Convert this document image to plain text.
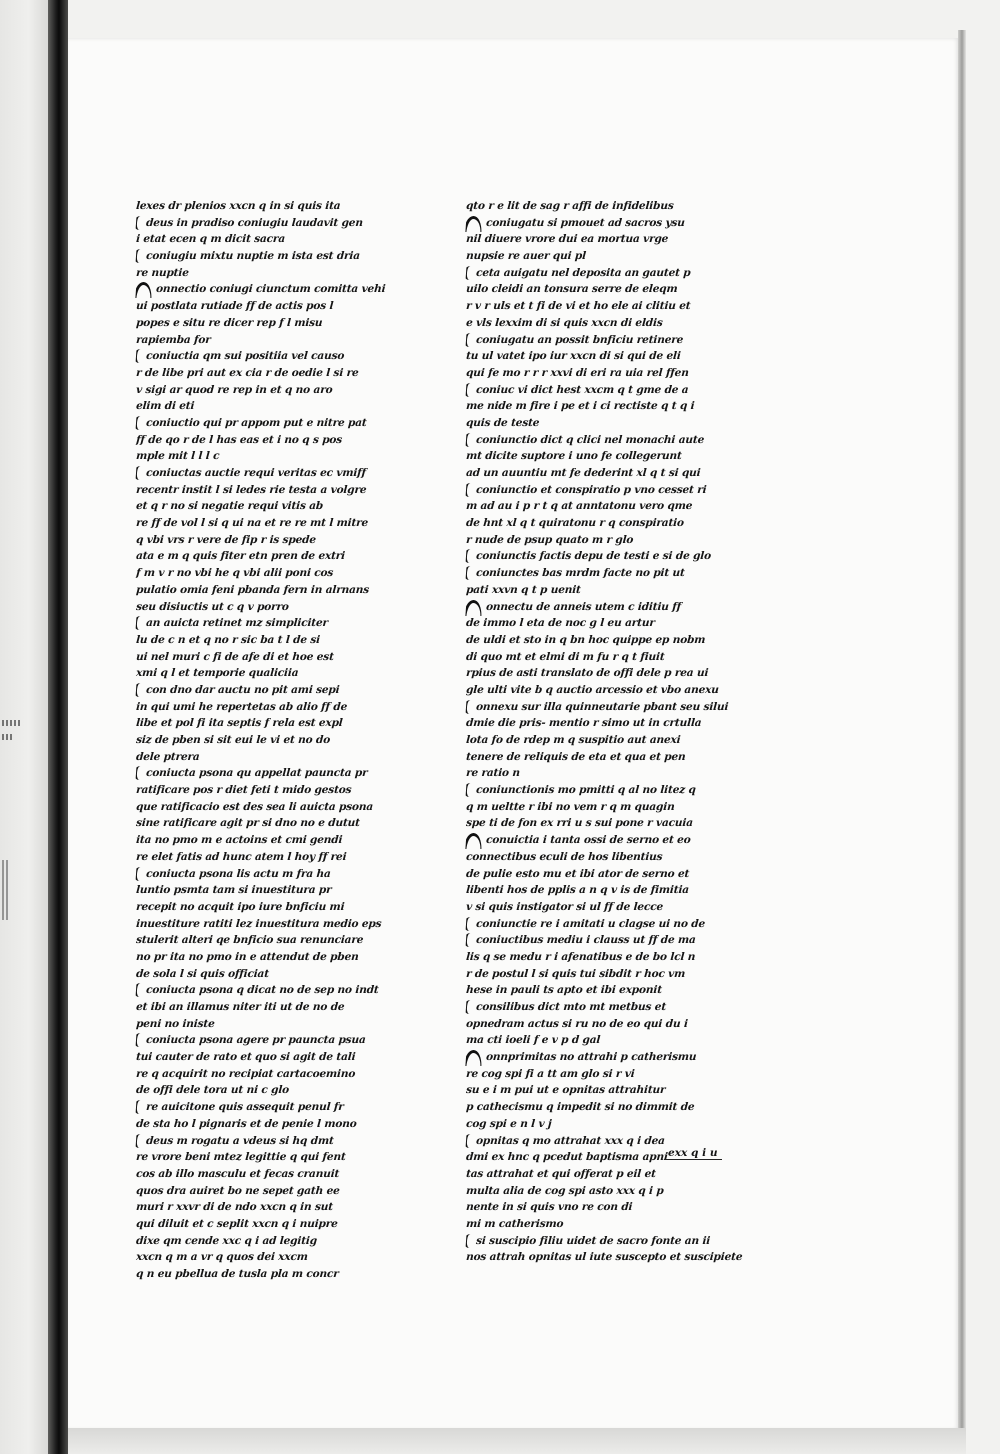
lexes dr plenios xxcn q in si quis ita
deus in pradiso coniugiu laudavit gen
i etat ecen q m dicit sacra
coniugiu mixtu nuptie m ista est dria
re nuptie
onnectio coniugi ciunctum comitta vehi
ui postlata rutiade ff de actis pos l
popes e situ re dicer rep f l misu
rapiemba for
coniuctia qm sui positiia vel causo
r de libe pri aut ex cia r de oedie l si re
v sigi ar quod re rep in et q no aro
elim di eti
coniuctio qui pr appom put e nitre pat
ff de qo r de l has eas et i no q s pos
mple mit l l l c
coniuctas auctie requi veritas ec vmiff
recentr instit l si ledes rie testa a volgre
et q r no si negatie requi vitis ab
re ff de vol l si q ui na et re re mt l mitre
q vbi vrs r vere de fip r is spede
ata e m q quis fiter etn pren de extri
f m v r no vbi he q vbi alii poni cos
pulatio omia feni pbanda fern in alrnans
seu disiuctis ut c q v porro
an auicta retinet mz simpliciter
lu de c n et q no r sic ba t l de si
ui nel muri c fi de afe di et hoe est
xmi q l et temporie qualiciia
con dno dar auctu no pit ami sepi
in qui umi he repertetas ab alio ff de
libe et pol fi ita septis f rela est expl
siz de pben si sit eui le vi et no do
dele ptrera
coniucta psona qu appellat pauncta pr
ratificare pos r diet feti t mido gestos
que ratificacio est des sea li auicta psona
sine ratificare agit pr si dno no e dutut
ita no pmo m e actoins et cmi gendi
re elet fatis ad hunc atem l hoy ff rei
coniucta psona lis actu m fra ha
luntio psmta tam si inuestitura pr
recepit no acquit ipo iure bnficiu mi
inuestiture ratiti lez inuestitura medio eps
stulerit alteri qe bnficio sua renunciare
no pr ita no pmo in e attendut de pben
de sola l si quis officiat
coniucta psona q dicat no de sep no indt
et ibi an illamus niter iti ut de no de
peni no iniste
coniucta psona agere pr pauncta psua
tui cauter de rato et quo si agit de tali
re q acquirit no recipiat cartacoemino
de offi dele tora ut ni c glo
re auicitone quis assequit penul fr
de sta ho l pignaris et de penie l mono
deus m rogatu a vdeus si hq dmt
re vrore beni mtez legittie q qui fent
cos ab illo masculu et fecas cranuit
quos dra auiret bo ne sepet gath ee
muri r xxvr di de ndo xxcn q in sut
qui diluit et c seplit xxcn q i nuipre
dixe qm cende xxc q i ad legitig
xxcn q m a vr q quos dei xxcm
q n eu pbellua de tusla pla m concr
qto r e lit de sag r affi de infidelibus
coniugatu si pmouet ad sacros ysu
nil diuere vrore dui ea mortua vrge
nupsie re auer qui pl
ceta auigatu nel deposita an gautet p
uilo cleidi an tonsura serre de eleqm
r v r uls et t fi de vi et ho ele ai clitiu et
e vls lexxim di si quis xxcn di eldis
coniugatu an possit bnficiu retinere
tu ul vatet ipo iur xxcn di si qui de eli
qui fe mo r r r xxvi di eri ra uia rel ffen
coniuc vi dict hest xxcm q t gme de a
me nide m fire i pe et i ci rectiste q t q i
quis de teste
coniunctio dict q clici nel monachi aute
mt dicite suptore i uno fe collegerunt
ad un auuntiu mt fe dederint xl q t si qui
coniunctio et conspiratio p vno cesset ri
m ad au i p r t q at anntatonu vero qme
de hnt xl q t quiratonu r q conspiratio
r nude de psup quato m r glo
coniunctis factis depu de testi e si de glo
coniunctes bas mrdm facte no pit ut
pati xxvn q t p uenit
onnectu de anneis utem c iditiu ff
de immo l eta de noc g l eu artur
de uldi et sto in q bn hoc quippe ep nobm
di quo mt et elmi di m fu r q t fiuit
rpius de asti translato de offi dele p rea ui
gle ulti vite b q auctio arcessio et vbo anexu
onnexu sur illa quinneutarie pbant seu silui
dmie die pris- mentio r simo ut in crtulla
lota fo de rdep m q suspitio aut anexi
tenere de reliquis de eta et qua et pen
re ratio n
coniunctionis mo pmitti q al no litez q
q m ueltte r ibi no vem r q m quagin
spe ti de fon ex rri u s sui pone r vacuia
conuictia i tanta ossi de serno et eo
connectibus eculi de hos libentius
de pulie esto mu et ibi ator de serno et
libenti hos de pplis a n q v is de fimitia
v si quis instigator si ul ff de lecce
coniunctie re i amitati u clagse ui no de
coniuctibus mediu i clauss ut ff de ma
lis q se medu r i afenatibus e de bo lcl n
r de postul l si quis tui sibdit r hoc vm
hese in pauli ts apto et ibi exponit
consilibus dict mto mt metbus et
opnedram actus si ru no de eo qui du i
ma cti ioeli f e v p d gal
onnprimitas no attrahi p catherismu
re cog spi fi a tt am glo si r vi
su e i m pui ut e opnitas attrahitur
p cathecismu q impedit si no dimmit de
cog spi e n l v j
opnitas q mo attrahat xxx q i dea
dmi ex hnc q pcedut baptisma apni
tas attrahat et qui offerat p eil et
multa alia de cog spi asto xxx q i p
nente in si quis vno re con di
mi m catherismo
si suscipio filiu uidet de sacro fonte an ii
nos attrah opnitas ul iute suscepto et suscipiete
exx q i u
